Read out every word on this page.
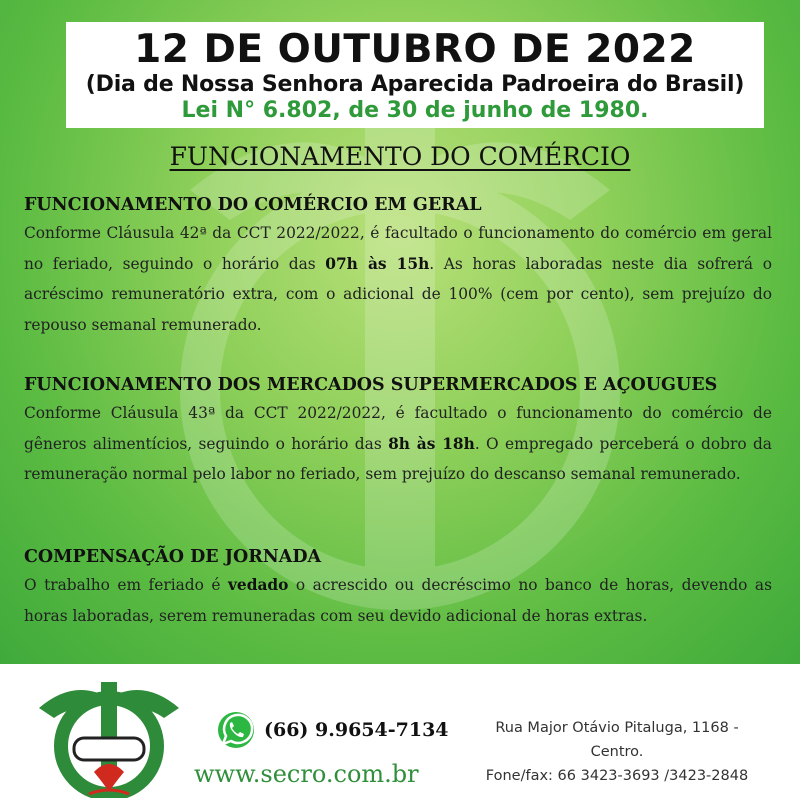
12 DE OUTUBRO DE 2022
(Dia de Nossa Senhora Aparecida Padroeira do Brasil)
Lei N° 6.802, de 30 de junho de 1980.
FUNCIONAMENTO DO COMÉRCIO
FUNCIONAMENTO DO COMÉRCIO EM GERAL

Conforme Cláusula 42ª da CCT 2022/2022, é facultado o funcionamento do comércio em geral no feriado, seguindo o horário das 07h às 15h. As horas laboradas neste dia sofrerá o acréscimo remuneratório extra, com o adicional de 100% (cem por cento), sem prejuízo do repouso semanal remunerado.

FUNCIONAMENTO DOS MERCADOS SUPERMERCADOS E AÇOUGUES

Conforme Cláusula 43ª da CCT 2022/2022, é facultado o funcionamento do comércio de gêneros alimentícios, seguindo o horário das 8h às 18h. O empregado perceberá o dobro da remuneração normal pelo labor no feriado, sem prejuízo do descanso semanal remunerado.

COMPENSAÇÃO DE JORNADA

O trabalho em feriado é vedado o acrescido ou decréscimo no banco de horas, devendo as horas laboradas, serem remuneradas com seu devido adicional de horas extras.

(66) 9.9654-7134
www.secro.com.br
Rua Major Otávio Pitaluga, 1168 -
Centro.
Fone/fax: 66 3423-3693 /3423-2848
